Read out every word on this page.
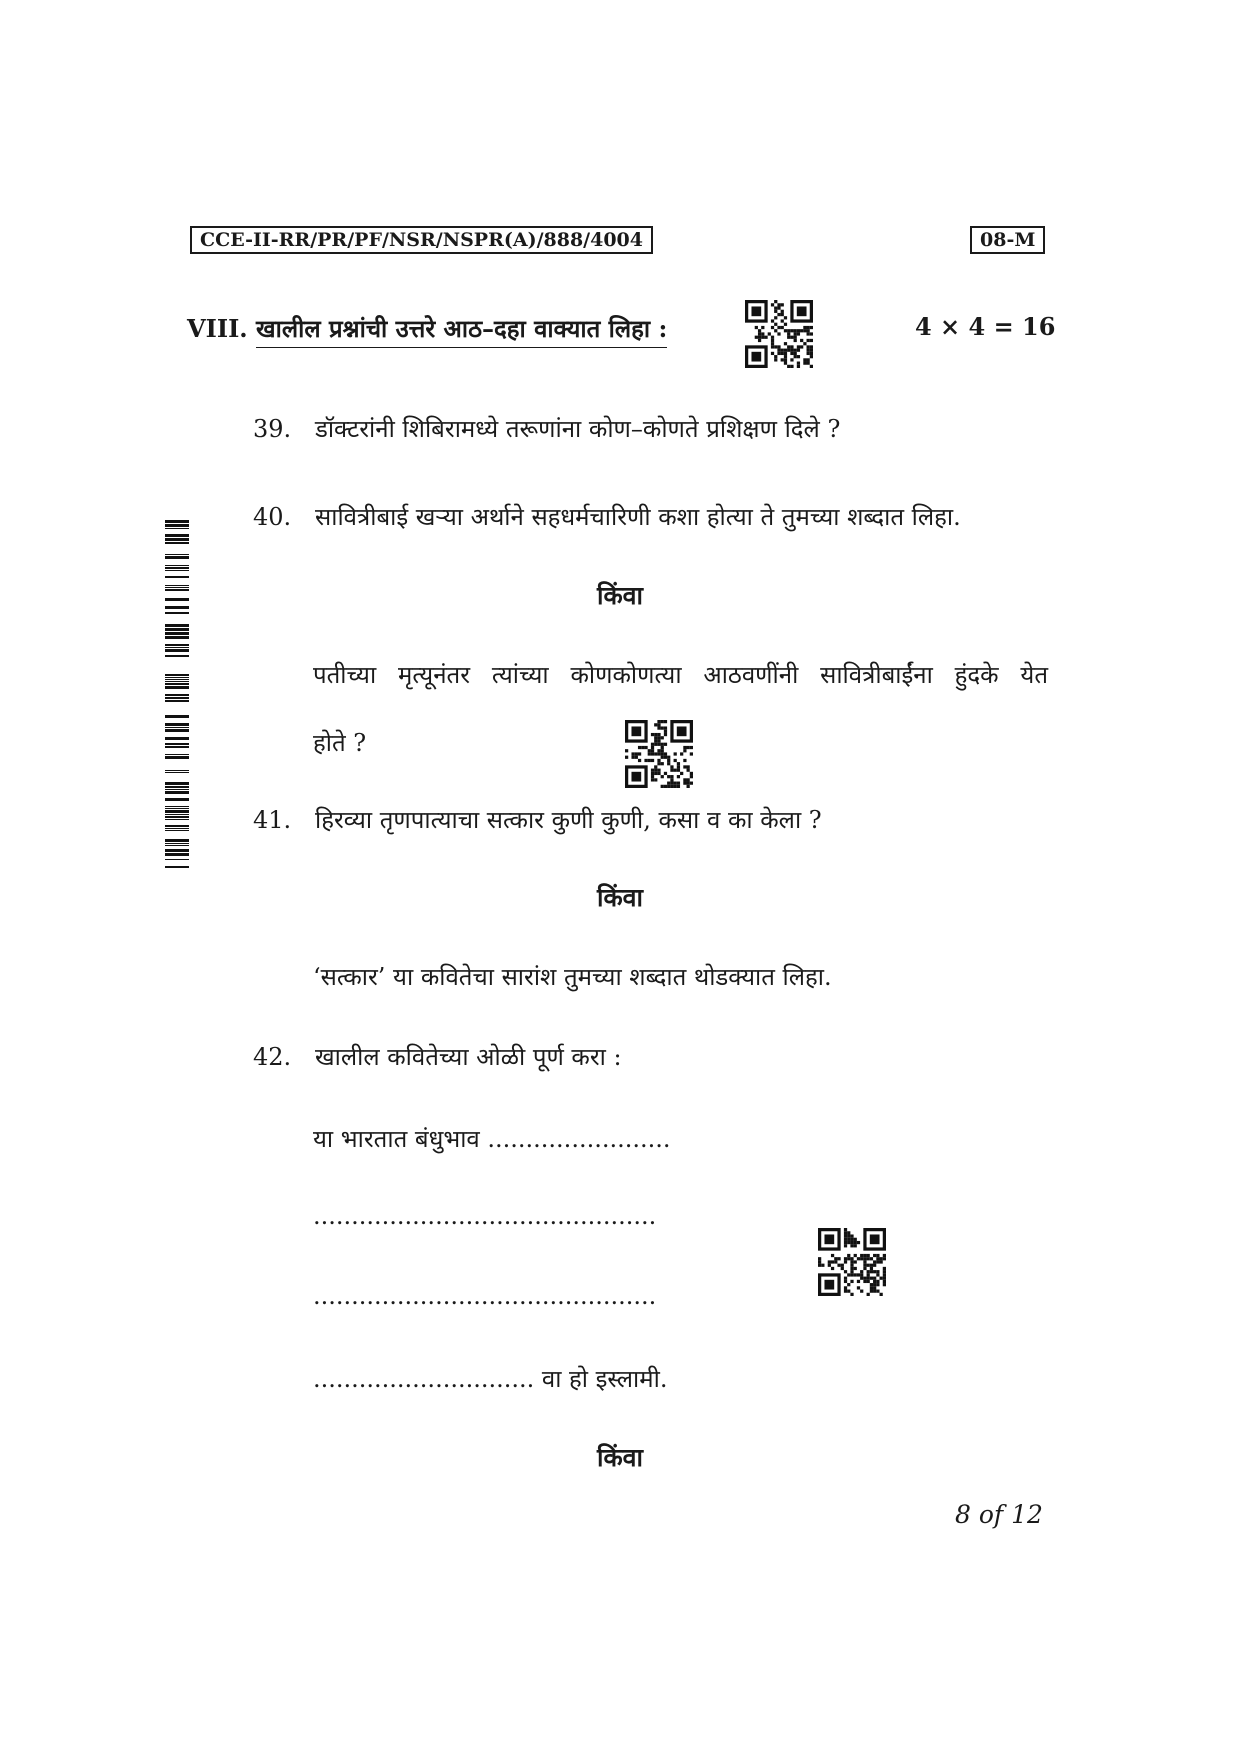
CCE-II-RR/PR/PF/NSR/NSPR(A)/888/4004	08-M
VIII. खालील प्रश्नांची उत्तरे आठ–दहा वाक्यात लिहा :	4 × 4 = 16
39. डॉक्टरांनी शिबिरामध्ये तरूणांना कोण–कोणते प्रशिक्षण दिले ?
40. सावित्रीबाई खऱ्या अर्थाने सहधर्मचारिणी कशा होत्या ते तुमच्या शब्दात लिहा.
किंवा
पतीच्या मृत्यूनंतर त्यांच्या कोणकोणत्या आठवणींनी सावित्रीबाईंना हुंदके येत
होते ?
41. हिरव्या तृणपात्याचा सत्कार कुणी कुणी, कसा व का केला ?
किंवा
‘सत्कार’ या कवितेचा सारांश तुमच्या शब्दात थोडक्यात लिहा.
42. खालील कवितेच्या ओळी पूर्ण करा :
या भारतात बंधुभाव ........................
.............................................
.............................................
............................. वा हो इस्लामी.
किंवा
8 of 12
